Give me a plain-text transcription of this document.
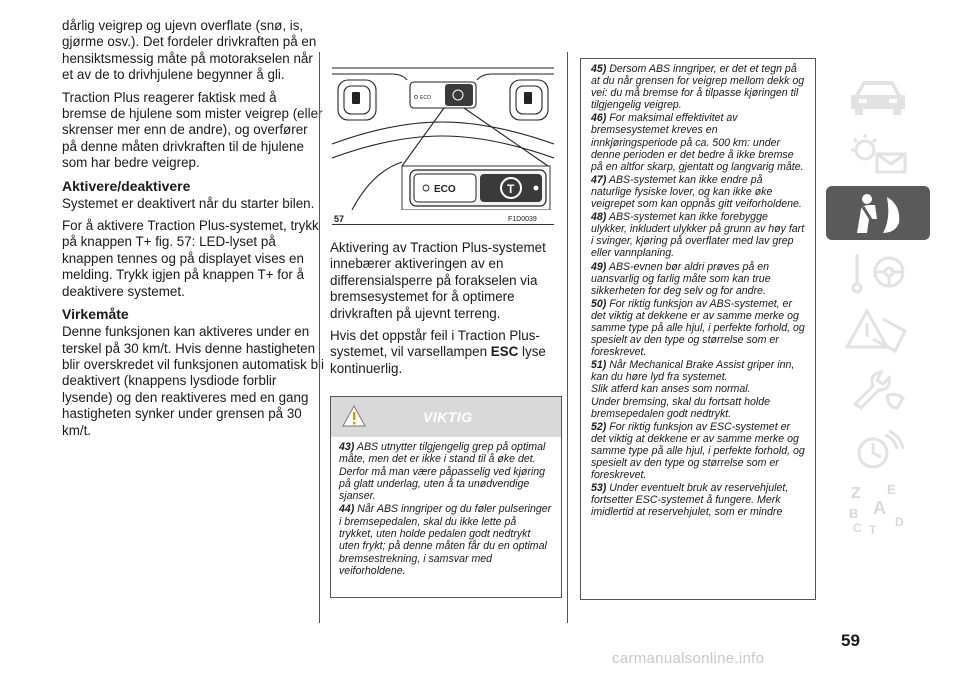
dårlig veigrep og ujevn overflate (snø, is, gjørme osv.). Det fordeler drivkraften på en hensiktsmessig måte på motorakselen når et av de to drivhjulene begynner å gli.

Traction Plus reagerer faktisk med å bremse de hjulene som mister veigrep (eller skrenser mer enn de andre), og overfører på denne måten drivkraften til de hjulene som har bedre veigrep.

Aktivere/deaktivere

Systemet er deaktivert når du starter bilen.

For å aktivere Traction Plus-systemet, trykk på knappen T+ fig. 57: LED-lyset på knappen tennes og på displayet vises en melding. Trykk igjen på knappen T+ for å deaktivere systemet.

Virkemåte

Denne funksjonen kan aktiveres under en terskel på 30 km/t. Hvis denne hastigheten blir overskredet vil funksjonen automatisk bli deaktivert (knappens lysdiode forblir lysende) og den reaktiveres med en gang hastigheten synker under grensen på 30 km/t.

ECO
ECO	T
57	F1D0039

Aktivering av Traction Plus-systemet innebærer aktiveringen av en differensialsperre på forakselen via bremsesystemet for å optimere drivkraften på ujevnt terreng.

Hvis det oppstår feil i Traction Plus-systemet, vil varsellampen ESC lyse kontinuerlig.

VIKTIG

43) ABS utnytter tilgjengelig grep på optimal måte, men det er ikke i stand til å øke det. Derfor må man være påpasselig ved kjøring på glatt underlag, uten å ta unødvendige sjanser.

44) Når ABS inngriper og du føler pulseringer i bremsepedalen, skal du ikke lette på trykket, uten holde pedalen godt nedtrykt uten frykt; på denne måten får du en optimal bremsestrekning, i samsvar med veiforholdene.

45) Dersom ABS inngriper, er det et tegn på at du når grensen for veigrep mellom dekk og vei: du må bremse for å tilpasse kjøringen til tilgjengelig veigrep.

46) For maksimal effektivitet av bremsesystemet kreves en innkjøringsperiode på ca. 500 km: under denne perioden er det bedre å ikke bremse på en altfor skarp, gjentatt og langvarig måte.

47) ABS-systemet kan ikke endre på naturlige fysiske lover, og kan ikke øke veigrepet som kan oppnås gitt veiforholdene.

48) ABS-systemet kan ikke forebygge ulykker, inkludert ulykker på grunn av høy fart i svinger, kjøring på overflater med lav grep eller vannplaning.

49) ABS-evnen bør aldri prøves på en uansvarlig og farlig måte som kan true sikkerheten for deg selv og for andre.

50) For riktig funksjon av ABS-systemet, er det viktig at dekkene er av samme merke og samme type på alle hjul, i perfekte forhold, og spesielt av den type og størrelse som er foreskrevet.

51) Når Mechanical Brake Assist griper inn, kan du høre lyd fra systemet.

Slik atferd kan anses som normal.

Under bremsing, skal du fortsatt holde bremsepedalen godt nedtrykt.

52) For riktig funksjon av ESC-systemet er det viktig at dekkene er av samme merke og samme type på alle hjul, i perfekte forhold, og spesielt av den type og størrelse som er foreskrevet.

53) Under eventuelt bruk av reservehjulet, fortsetter ESC-systemet å fungere. Merk imidlertid at reservehjulet, som er mindre

Z E
B A
C T
D
59
carmanualsonline.info
